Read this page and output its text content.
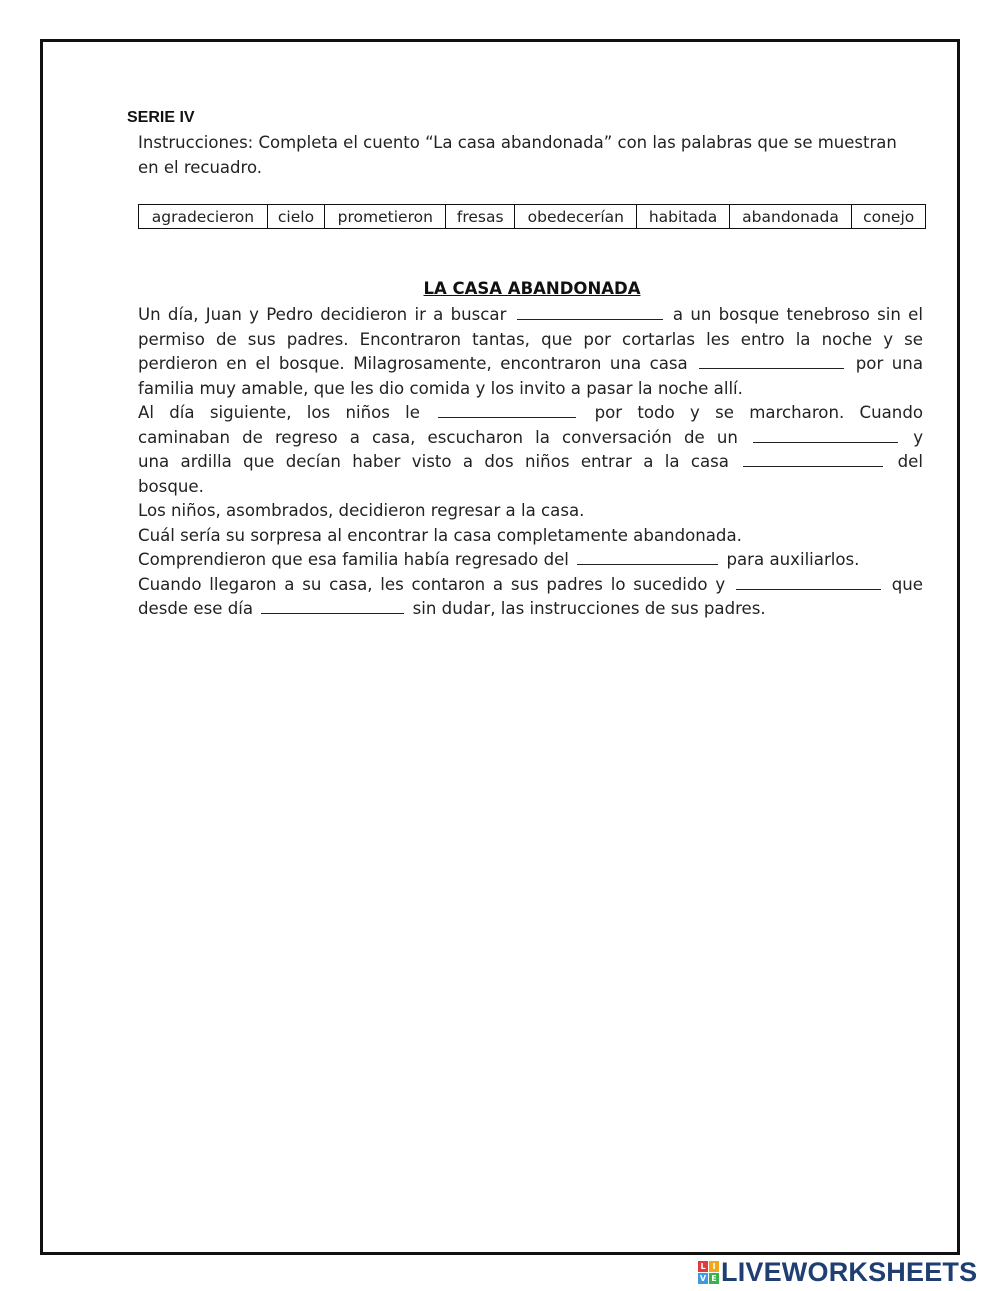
SERIE IV

Instrucciones: Completa el cuento “La casa abandonada” con las palabras que se muestran en el recuadro.

agradecieron	cielo	prometieron	fresas	obedecerían	habitada	abandonada	conejo

LA CASA ABANDONADA

Un día, Juan y Pedro decidieron ir a buscar	a un bosque tenebroso sin el
permiso de sus padres. Encontraron tantas, que por cortarlas les entro la noche y se
perdieron en el bosque. Milagrosamente, encontraron una casa	por una
familia muy amable, que les dio comida y los invito a pasar la noche allí.
Al día siguiente, los niños le	por todo y se marcharon. Cuando
caminaban de regreso a casa, escucharon la conversación de un	y
una ardilla que decían haber visto a dos niños entrar a la casa	del
bosque.
Los niños, asombrados, decidieron regresar a la casa.
Cuál sería su sorpresa al encontrar la casa completamente abandonada.
Comprendieron que esa familia había regresado del	para auxiliarlos.
Cuando llegaron a su casa, les contaron a sus padres lo sucedido y	que
desde ese día	sin dudar, las instrucciones de sus padres.
L I
V E LIVEWORKSHEETS
